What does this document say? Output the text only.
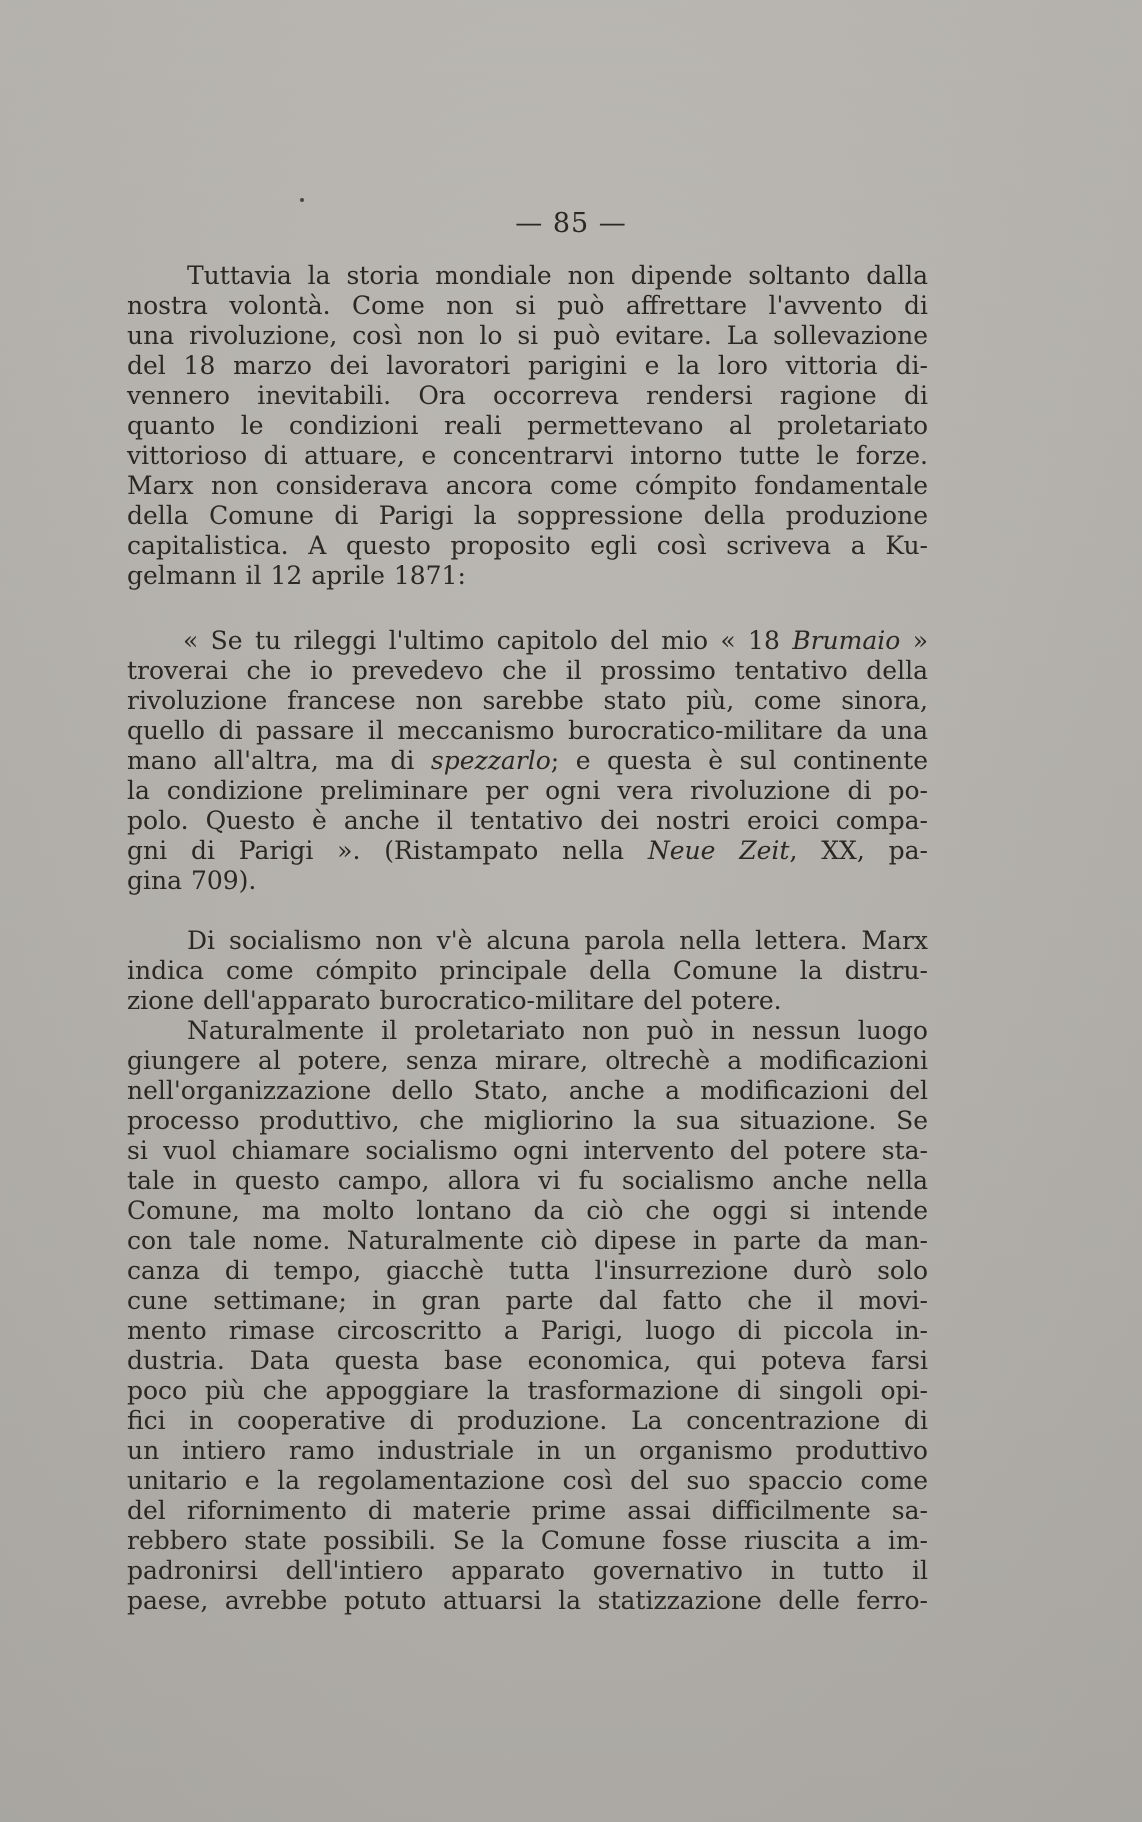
— 85 —
Tuttavia la storia mondiale non dipende soltanto dalla
nostra volontà. Come non si può affrettare l'avvento di
una rivoluzione, così non lo si può evitare. La sollevazione
del 18 marzo dei lavoratori parigini e la loro vittoria di-
vennero inevitabili. Ora occorreva rendersi ragione di
quanto le condizioni reali permettevano al proletariato
vittorioso di attuare, e concentrarvi intorno tutte le forze.
Marx non considerava ancora come cómpito fondamentale
della Comune di Parigi la soppressione della produzione
capitalistica. A questo proposito egli così scriveva a Ku-
gelmann il 12 aprile 1871:
« Se tu rileggi l'ultimo capitolo del mio « 18 Brumaio »
troverai che io prevedevo che il prossimo tentativo della
rivoluzione francese non sarebbe stato più, come sinora,
quello di passare il meccanismo burocratico-militare da una
mano all'altra, ma di spezzarlo; e questa è sul continente
la condizione preliminare per ogni vera rivoluzione di po-
polo. Questo è anche il tentativo dei nostri eroici compa-
gni di Parigi ». (Ristampato nella Neue Zeit, XX, pa-
gina 709).
Di socialismo non v'è alcuna parola nella lettera. Marx
indica come cómpito principale della Comune la distru-
zione dell'apparato burocratico-militare del potere.
Naturalmente il proletariato non può in nessun luogo
giungere al potere, senza mirare, oltrechè a modificazioni
nell'organizzazione dello Stato, anche a modificazioni del
processo produttivo, che migliorino la sua situazione. Se
si vuol chiamare socialismo ogni intervento del potere sta-
tale in questo campo, allora vi fu socialismo anche nella
Comune, ma molto lontano da ciò che oggi si intende
con tale nome. Naturalmente ciò dipese in parte da man-
canza di tempo, giacchè tutta l'insurrezione durò solo
cune settimane; in gran parte dal fatto che il movi-
mento rimase circoscritto a Parigi, luogo di piccola in-
dustria. Data questa base economica, qui poteva farsi
poco più che appoggiare la trasformazione di singoli opi-
fici in cooperative di produzione. La concentrazione di
un intiero ramo industriale in un organismo produttivo
unitario e la regolamentazione così del suo spaccio come
del rifornimento di materie prime assai difficilmente sa-
rebbero state possibili. Se la Comune fosse riuscita a im-
padronirsi dell'intiero apparato governativo in tutto il
paese, avrebbe potuto attuarsi la statizzazione delle ferro-
